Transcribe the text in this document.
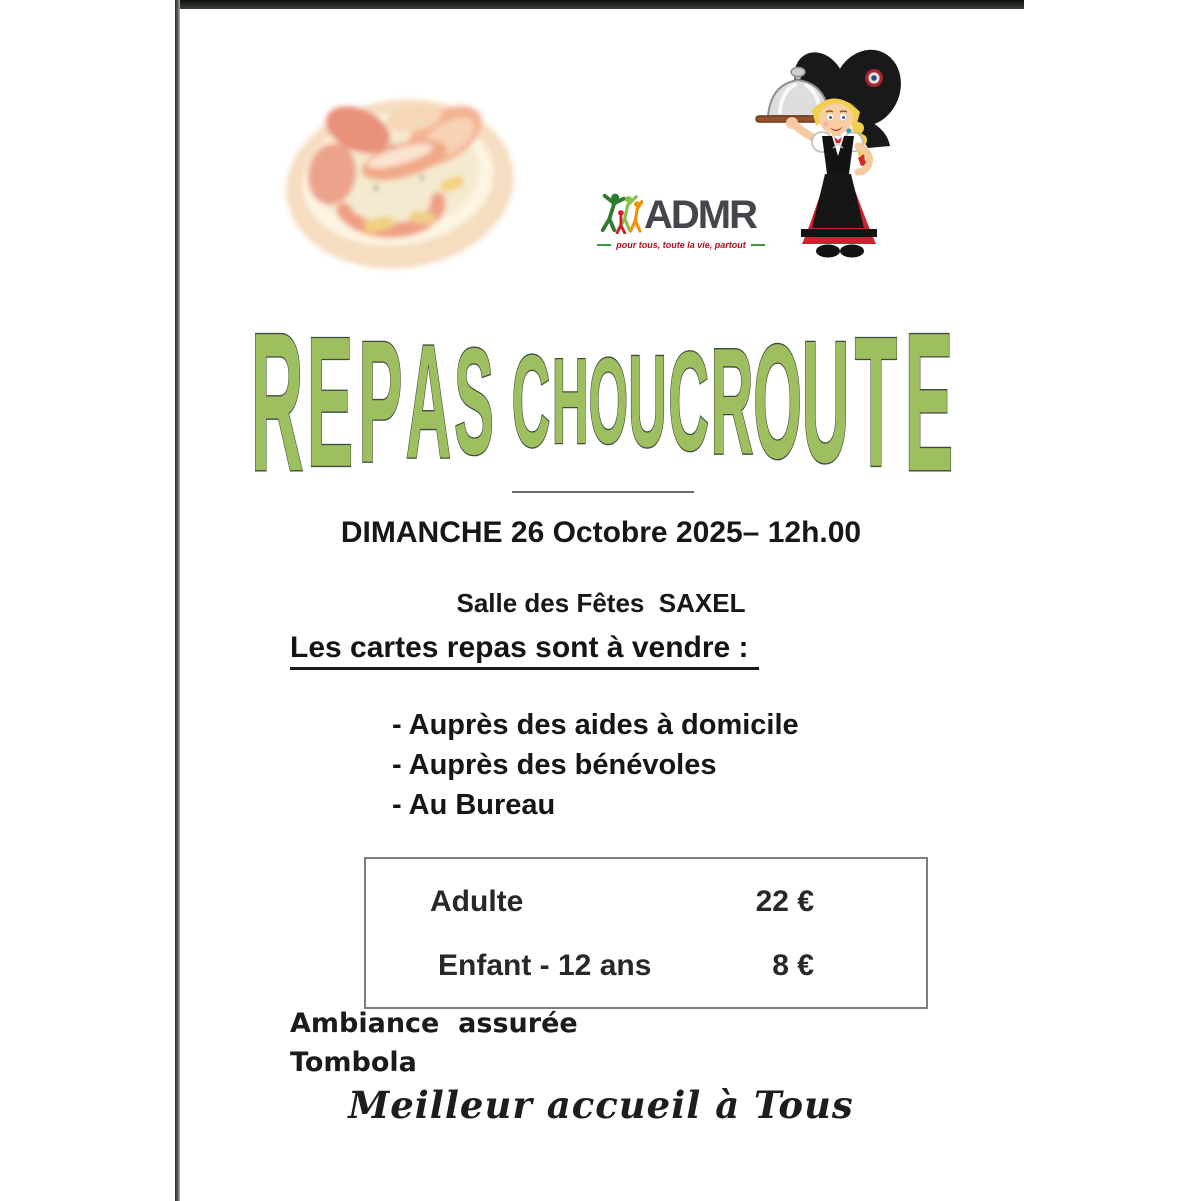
ADMR
pour tous, toute la vie, partout
R E P A S C H O U C R O U T E
DIMANCHE 26 Octobre 2025– 12h.00
Salle des Fêtes  SAXEL
Les cartes repas sont à vendre :
- Auprès des aides à domicile
- Auprès des bénévoles
- Au Bureau
Adulte	22 €
Enfant - 12 ans	8 €
Ambiance  assurée
Tombola
Meilleur accueil à Tous
